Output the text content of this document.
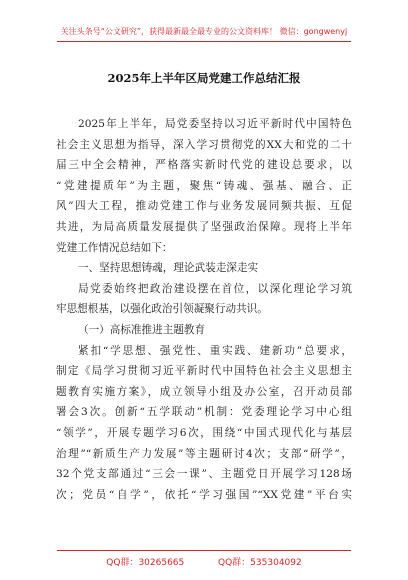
关注头条号“公文研究”，获得最新最全最专业的公文资料库！ 微信：gongwenyj
2025年上半年区局党建工作总结汇报
2025年上半年，局党委坚持以习近平新时代中国特色
社会主义思想为指导，深入学习贯彻党的XX大和党的二十
届三中全会精神，严格落实新时代党的建设总要求，以
“党建提质年”为主题，聚焦“铸魂、强基、融合、正
风”四大工程，推动党建工作与业务发展同频共振、互促
共进，为局高质量发展提供了坚强政治保障。现将上半年
党建工作情况总结如下：
一、坚持思想铸魂，理论武装走深走实
局党委始终把政治建设摆在首位，以深化理论学习筑
牢思想根基，以强化政治引领凝聚行动共识。
（一）高标准推进主题教育
紧扣“学思想、强党性、重实践、建新功”总要求，
制定《局学习贯彻习近平新时代中国特色社会主义思想主
题教育实施方案》，成立领导小组及办公室，召开动员部
署会3次。创新“五学联动”机制：党委理论学习中心组
“领学”，开展专题学习6次，围绕“中国式现代化与基层
治理”“新质生产力发展”等主题研讨4次；支部“研学”，
32个党支部通过“三会一课”、主题党日开展学习128场
次；党员“自学”，依托“学习强国”“XX党建”平台实
QQ群：30265665	QQ群：535304092
